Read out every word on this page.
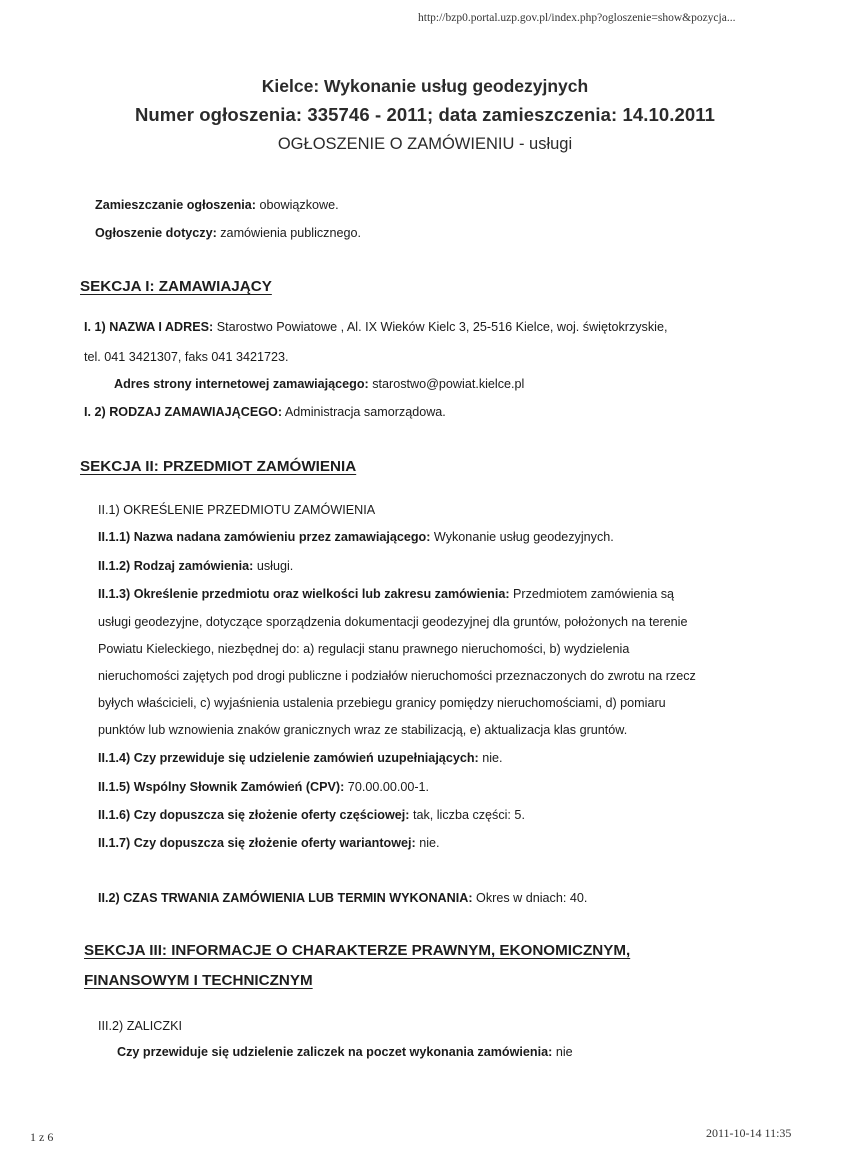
http://bzp0.portal.uzp.gov.pl/index.php?ogloszenie=show&pozycja...
Kielce: Wykonanie usług geodezyjnych
Numer ogłoszenia: 335746 - 2011; data zamieszczenia: 14.10.2011
OGŁOSZENIE O ZAMÓWIENIU - usługi
Zamieszczanie ogłoszenia: obowiązkowe.
Ogłoszenie dotyczy: zamówienia publicznego.
SEKCJA I: ZAMAWIAJĄCY
I. 1) NAZWA I ADRES: Starostwo Powiatowe , Al. IX Wieków Kielc 3, 25-516 Kielce, woj. świętokrzyskie,
tel. 041 3421307, faks 041 3421723.
Adres strony internetowej zamawiającego: starostwo@powiat.kielce.pl
I. 2) RODZAJ ZAMAWIAJĄCEGO: Administracja samorządowa.
SEKCJA II: PRZEDMIOT ZAMÓWIENIA
II.1) OKREŚLENIE PRZEDMIOTU ZAMÓWIENIA
II.1.1) Nazwa nadana zamówieniu przez zamawiającego: Wykonanie usług geodezyjnych.
II.1.2) Rodzaj zamówienia: usługi.
II.1.3) Określenie przedmiotu oraz wielkości lub zakresu zamówienia: Przedmiotem zamówienia są
usługi geodezyjne, dotyczące sporządzenia dokumentacji geodezyjnej dla gruntów, położonych na terenie
Powiatu Kieleckiego, niezbędnej do: a) regulacji stanu prawnego nieruchomości, b) wydzielenia
nieruchomości zajętych pod drogi publiczne i podziałów nieruchomości przeznaczonych do zwrotu na rzecz
byłych właścicieli, c) wyjaśnienia ustalenia przebiegu granicy pomiędzy nieruchomościami, d) pomiaru
punktów lub wznowienia znaków granicznych wraz ze stabilizacją, e) aktualizacja klas gruntów.
II.1.4) Czy przewiduje się udzielenie zamówień uzupełniających: nie.
II.1.5) Wspólny Słownik Zamówień (CPV): 70.00.00.00-1.
II.1.6) Czy dopuszcza się złożenie oferty częściowej: tak, liczba części: 5.
II.1.7) Czy dopuszcza się złożenie oferty wariantowej: nie.
II.2) CZAS TRWANIA ZAMÓWIENIA LUB TERMIN WYKONANIA: Okres w dniach: 40.
SEKCJA III: INFORMACJE O CHARAKTERZE PRAWNYM, EKONOMICZNYM,
FINANSOWYM I TECHNICZNYM
III.2) ZALICZKI
Czy przewiduje się udzielenie zaliczek na poczet wykonania zamówienia: nie
1 z 6	2011-10-14 11:35
